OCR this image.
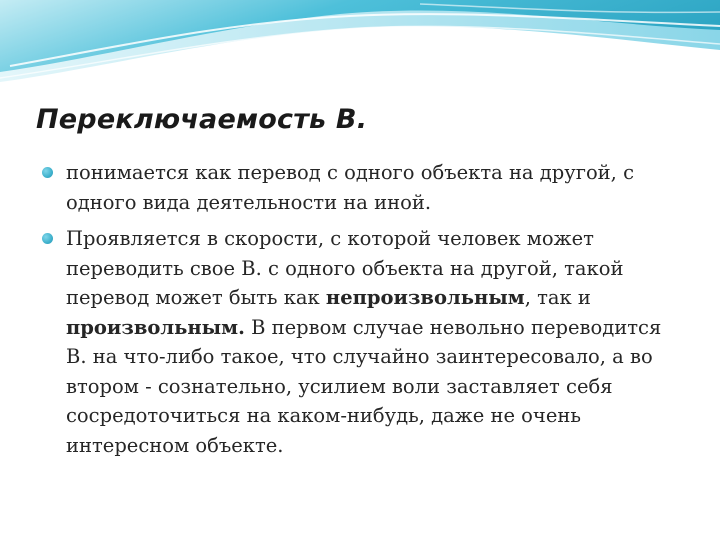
Переключаемость В.
понимается как перевод с одного объекта на другой, с одного вида деятельности на иной.
Проявляется в скорости, с которой человек может переводить свое В. с одного объекта на другой, такой перевод может быть как непроизвольным, так и произвольным. В первом случае невольно переводится В. на что-либо такое, что случайно заинтересовало, а во втором - сознательно, усилием воли заставляет себя сосредоточиться на каком-нибудь, даже не очень интересном объекте.
